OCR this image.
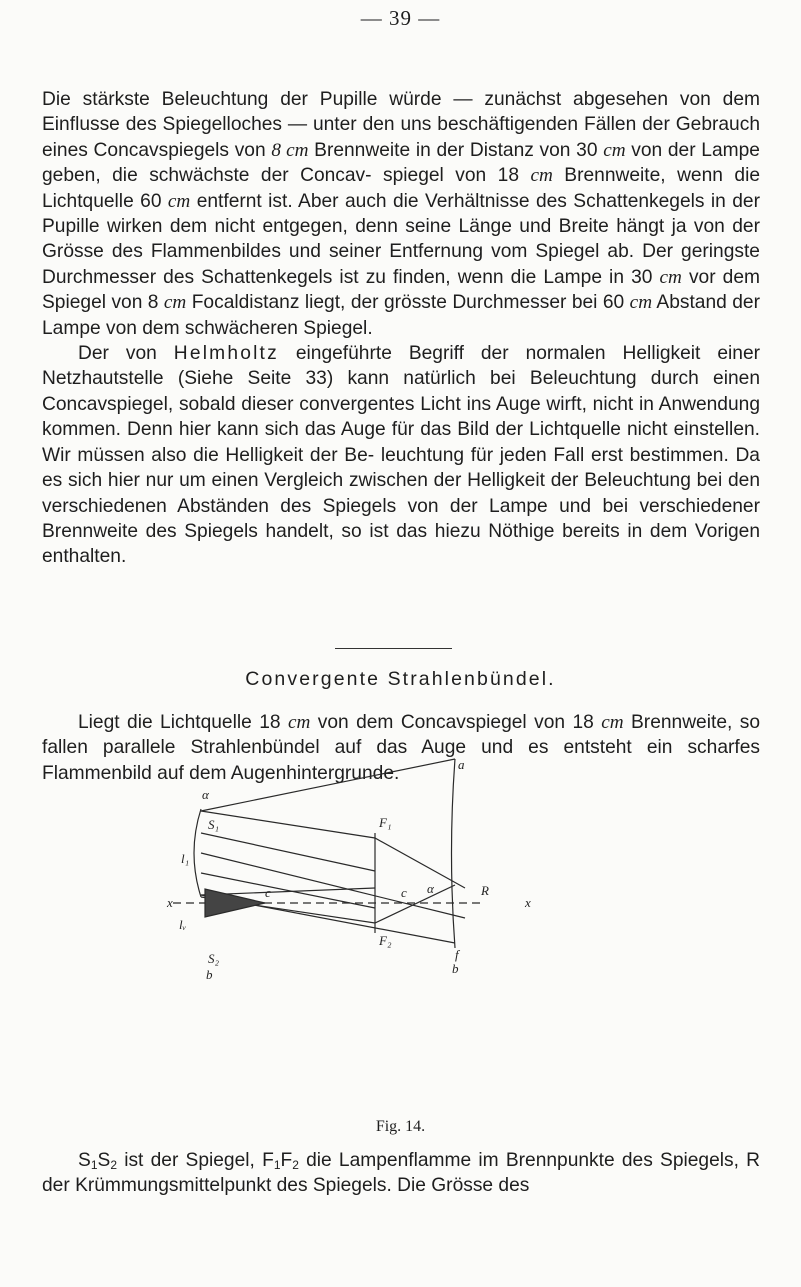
— 39 —

Die stärkste Beleuchtung der Pupille würde — zunächst abgesehen von dem Einflusse des Spiegelloches — unter den uns beschäftigenden Fällen der Gebrauch eines Concavspiegels von 8 cm Brennweite in der Distanz von 30 cm von der Lampe geben, die schwächste der Concav- spiegel von 18 cm Brennweite, wenn die Lichtquelle 60 cm entfernt ist. Aber auch die Verhältnisse des Schattenkegels in der Pupille wirken dem nicht entgegen, denn seine Länge und Breite hängt ja von der Grösse des Flammenbildes und seiner Entfernung vom Spiegel ab. Der geringste Durchmesser des Schattenkegels ist zu finden, wenn die Lampe in 30 cm vor dem Spiegel von 8 cm Focaldistanz liegt, der grösste Durchmesser bei 60 cm Abstand der Lampe von dem schwächeren Spiegel.

Der von Helmholtz eingeführte Begriff der normalen Helligkeit einer Netzhautstelle (Siehe Seite 33) kann natürlich bei Beleuchtung durch einen Concavspiegel, sobald dieser convergentes Licht ins Auge wirft, nicht in Anwendung kommen. Denn hier kann sich das Auge für das Bild der Lichtquelle nicht einstellen. Wir müssen also die Helligkeit der Be- leuchtung für jeden Fall erst bestimmen. Da es sich hier nur um einen Vergleich zwischen der Helligkeit der Beleuchtung bei den verschiedenen Abständen des Spiegels von der Lampe und bei verschiedener Brennweite des Spiegels handelt, so ist das hiezu Nöthige bereits in dem Vorigen enthalten.

Convergente Strahlenbündel.

Liegt die Lichtquelle 18 cm von dem Concavspiegel von 18 cm Brennweite, so fallen parallele Strahlenbündel auf das Auge und es entsteht ein scharfes Flammenbild auf dem Augenhintergrunde.

α
S₁
l₁
x
lᵥ
S₂
b
a
F₁
F₂
c	c α	R
x
f
b
Fig. 14.

$S_1S_2$ ist der Spiegel, $F_1F_2$ die Lampenflamme im Brennpunkte des Spiegels, R der Krümmungsmittelpunkt des Spiegels. Die Grösse des
